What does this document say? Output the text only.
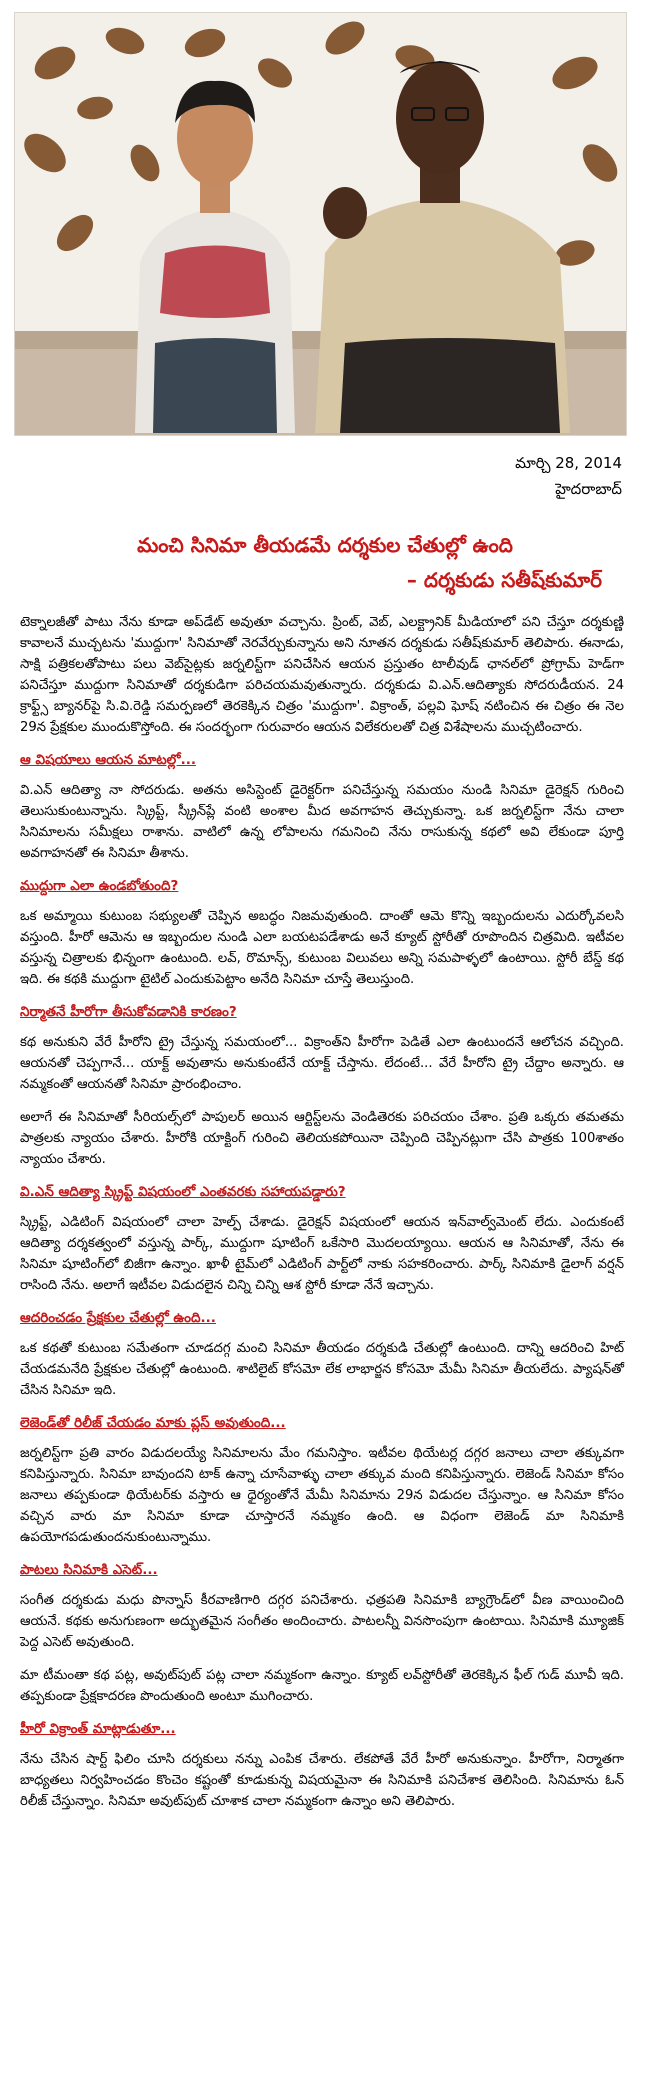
మార్చి 28, 2014
హైదరాబాద్
మంచి సినిమా తీయడమే దర్శకుల చేతుల్లో ఉంది
– దర్శకుడు సతీష్‌కుమార్

టెక్నాలజీతో పాటు నేను కూడా అప్‌డేట్ అవుతూ వచ్చాను. ప్రింట్, వెబ్, ఎలక్ట్రానిక్ మీడియాలో పని చేస్తూ దర్శకుణ్ణి కావాలనే ముచ్చటను 'ముద్దుగా' సినిమాతో నెరవేర్చుకున్నాను అని నూతన దర్శకుడు సతీష్‌కుమార్ తెలిపారు. ఈనాడు, సాక్షి పత్రికలతోపాటు పలు వెబ్‌సైట్లకు జర్నలిస్ట్‌గా పనిచేసిన ఆయన ప్రస్తుతం టాలీవుడ్ ఛానల్‌లో ప్రోగ్రామ్ హెడ్‌గా పనిచేస్తూ ముద్దుగా సినిమాతో దర్శకుడిగా పరిచయమవుతున్నారు. దర్శకుడు వి.ఎన్.ఆదిత్యాకు సోదరుడీయన. 24 క్రాఫ్ట్స్ బ్యానర్‌పై సి.వి.రెడ్డి సమర్పణలో తెరకెక్కిన చిత్రం 'ముద్దుగా'. విక్రాంత్, పల్లవి ఘోష్ నటించిన ఈ చిత్రం ఈ నెల 29న ప్రేక్షకుల ముందుకొస్తోంది. ఈ సందర్భంగా గురువారం ఆయన విలేకరులతో చిత్ర విశేషాలను ముచ్చటించారు.

ఆ విషయాలు ఆయన మాటల్లో...

వి.ఎన్ ఆదిత్యా నా సోదరుడు. అతను అసిస్టెంట్ డైరెక్టర్‌గా పనిచేస్తున్న సమయం నుండి సినిమా డైరెక్షన్ గురించి తెలుసుకుంటున్నాను. స్క్రిప్ట్, స్క్రీన్‌ప్లే వంటి అంశాల మీద అవగాహన తెచ్చుకున్నా. ఒక జర్నలిస్ట్‌గా నేను చాలా సినిమాలను సమీక్షలు రాశాను. వాటిలో ఉన్న లోపాలను గమనించి నేను రాసుకున్న కథలో అవి లేకుండా పూర్తి అవగాహనతో ఈ సినిమా తీశాను.

ముద్దుగా ఎలా ఉండబోతుంది?

ఒక అమ్మాయి కుటుంబ సభ్యులతో చెప్పిన అబద్ధం నిజమవుతుంది. దాంతో ఆమె కొన్ని ఇబ్బందులను ఎదుర్కోవలసి వస్తుంది. హీరో ఆమెను ఆ ఇబ్బందుల నుండి ఎలా బయటపడేశాడు అనే క్యూట్ స్టోరీతో రూపొందిన చిత్రమిది. ఇటీవల వస్తున్న చిత్రాలకు భిన్నంగా ఉంటుంది. లవ్, రొమాన్స్, కుటుంబ విలువలు అన్ని సమపాళ్ళలో ఉంటాయి. స్టోరీ బేస్డ్ కథ ఇది. ఈ కథకి ముద్దుగా టైటిల్ ఎందుకుపెట్టాం అనేది సినిమా చూస్తే తెలుస్తుంది.

నిర్మాతనే హీరోగా తీసుకోవడానికి కారణం?

కథ అనుకుని వేరే హీరోని ట్రై చేస్తున్న సమయంలో... విక్రాంత్‌ని హీరోగా పెడితే ఎలా ఉంటుందనే ఆలోచన వచ్చింది. ఆయనతో చెప్పగానే... యాక్ట్ అవుతాను అనుకుంటేనే యాక్ట్ చేస్తాను. లేదంటే... వేరే హీరోని ట్రై చేద్దాం అన్నారు. ఆ నమ్మకంతో ఆయనతో సినిమా ప్రారంభించాం.

అలాగే ఈ సినిమాతో సీరియల్స్‌లో పాపులర్ అయిన ఆర్టిస్ట్‌లను వెండితెరకు పరిచయం చేశాం. ప్రతి ఒక్కరు తమతమ పాత్రలకు న్యాయం చేశారు. హీరోకి యాక్టింగ్ గురించి తెలియకపోయినా చెప్పింది చెప్పినట్లుగా చేసి పాత్రకు 100శాతం న్యాయం చేశారు.

వి.ఎన్ ఆదిత్యా స్క్రిప్ట్ విషయంలో ఎంతవరకు సహాయపడ్డారు?

స్క్రిప్ట్, ఎడిటింగ్ విషయంలో చాలా హెల్ప్ చేశాడు. డైరెక్షన్ విషయంలో ఆయన ఇన్‌వాల్వ్‌మెంట్ లేదు. ఎందుకంటే ఆదిత్యా దర్శకత్వంలో వస్తున్న పార్క్, ముద్దుగా షూటింగ్ ఒకేసారి మొదలయ్యాయి. ఆయన ఆ సినిమాతో, నేను ఈ సినిమా షూటింగ్‌లో బిజీగా ఉన్నాం. ఖాళీ టైమ్‌లో ఎడిటింగ్ పార్ట్‌లో నాకు సహకరించారు. పార్క్ సినిమాకి డైలాగ్ వర్షన్ రాసింది నేను. అలాగే ఇటీవల విడుదలైన చిన్ని చిన్ని ఆశ స్టోరీ కూడా నేనే ఇచ్చాను.

ఆదరించడం ప్రేక్షకుల చేతుల్లో ఉంది...

ఒక కథతో కుటుంబ సమేతంగా చూడదగ్గ మంచి సినిమా తీయడం దర్శకుడి చేతుల్లో ఉంటుంది. దాన్ని ఆదరించి హిట్ చేయడమనేది ప్రేక్షకుల చేతుల్లో ఉంటుంది. శాటిలైట్ కోసమో లేక లాభార్జన కోసమో మేమీ సినిమా తీయలేదు. ప్యాషన్‌తో చేసిన సినిమా ఇది.

లెజెండ్‌తో రిలీజ్ చేయడం మాకు ప్లస్ అవుతుంది...

జర్నలిస్ట్‌గా ప్రతి వారం విడుదలయ్యే సినిమాలను మేం గమనిస్తాం. ఇటీవల థియేటర్ల దగ్గర జనాలు చాలా తక్కువగా కనిపిస్తున్నారు. సినిమా బావుందని టాక్ ఉన్నా చూసేవాళ్ళు చాలా తక్కువ మంది కనిపిస్తున్నారు. లెజెండ్ సినిమా కోసం జనాలు తప్పకుండా థియేటర్‌కు వస్తారు ఆ ధైర్యంతోనే మేమీ సినిమాను 29న విడుదల చేస్తున్నాం. ఆ సినిమా కోసం వచ్చిన వారు మా సినిమా కూడా చూస్తారనే నమ్మకం ఉంది. ఆ విధంగా లెజెండ్ మా సినిమాకి ఉపయోగపడుతుందనుకుంటున్నాము.

పాటలు సినిమాకి ఎసెట్...

సంగీత దర్శకుడు మధు పొన్నాస్ కీరవాణిగారి దగ్గర పనిచేశారు. ఛత్రపతి సినిమాకి బ్యాగ్రౌండ్‌లో వీణ వాయించింది ఆయనే. కథకు అనుగుణంగా అద్భుతమైన సంగీతం అందించారు. పాటలన్నీ వినసొంపుగా ఉంటాయి. సినిమాకి మ్యూజిక్ పెద్ద ఎసెట్ అవుతుంది.

మా టీమంతా కథ పట్ల, అవుట్‌పుట్ పట్ల చాలా నమ్మకంగా ఉన్నాం. క్యూట్ లవ్‌స్టోరీతో తెరకెక్కిన ఫీల్ గుడ్ మూవీ ఇది. తప్పకుండా ప్రేక్షకాదరణ పొందుతుంది అంటూ ముగించారు.

హీరో విక్రాంత్ మాట్లాడుతూ...

నేను చేసిన షార్ట్ ఫిలిం చూసి దర్శకులు నన్ను ఎంపిక చేశారు. లేకపోతే వేరే హీరో అనుకున్నాం. హీరోగా, నిర్మాతగా బాధ్యతలు నిర్వహించడం కొంచెం కష్టంతో కూడుకున్న విషయమైనా ఈ సినిమాకి పనిచేశాక తెలిసింది. సినిమాను ఓన్ రిలీజ్ చేస్తున్నాం. సినిమా అవుట్‌పుట్ చూశాక చాలా నమ్మకంగా ఉన్నాం అని తెలిపారు.
